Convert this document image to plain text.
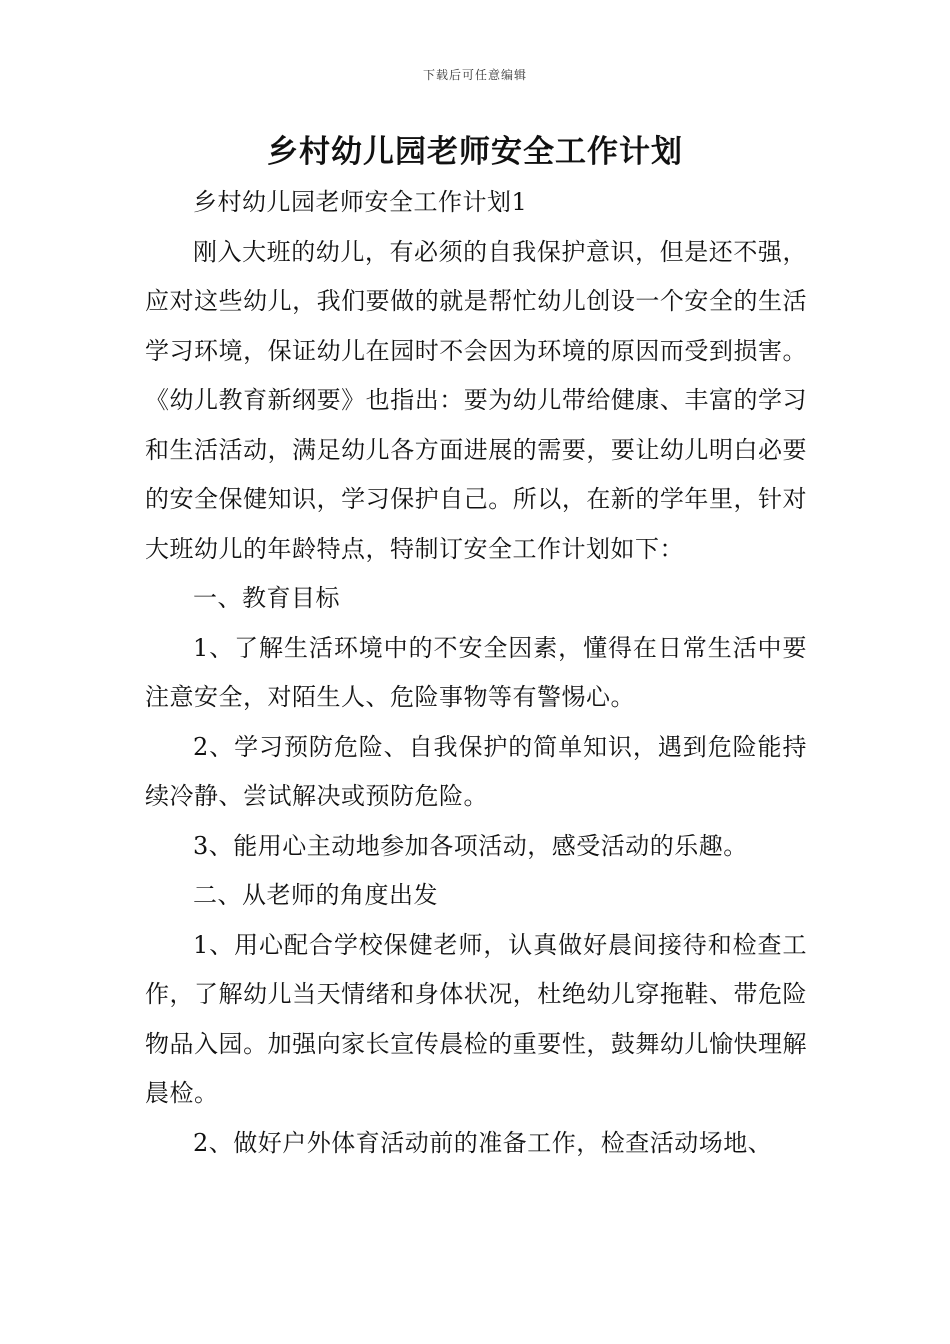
下载后可任意编辑
乡村幼儿园老师安全工作计划

乡村幼儿园老师安全工作计划1

刚入大班的幼儿，有必须的自我保护意识，但是还不强，应对这些幼儿，我们要做的就是帮忙幼儿创设一个安全的生活学习环境，保证幼儿在园时不会因为环境的原因而受到损害。《幼儿教育新纲要》也指出：要为幼儿带给健康、丰富的学习和生活活动，满足幼儿各方面进展的需要，要让幼儿明白必要的安全保健知识，学习保护自己。所以，在新的学年里，针对大班幼儿的年龄特点，特制订安全工作计划如下：

一、教育目标

1、了解生活环境中的不安全因素，懂得在日常生活中要注意安全，对陌生人、危险事物等有警惕心。

2、学习预防危险、自我保护的简单知识，遇到危险能持续冷静、尝试解决或预防危险。

3、能用心主动地参加各项活动，感受活动的乐趣。

二、从老师的角度出发

1、用心配合学校保健老师，认真做好晨间接待和检查工作，了解幼儿当天情绪和身体状况，杜绝幼儿穿拖鞋、带危险物品入园。加强向家长宣传晨检的重要性，鼓舞幼儿愉快理解晨检。

2、做好户外体育活动前的准备工作，检查活动场地、
